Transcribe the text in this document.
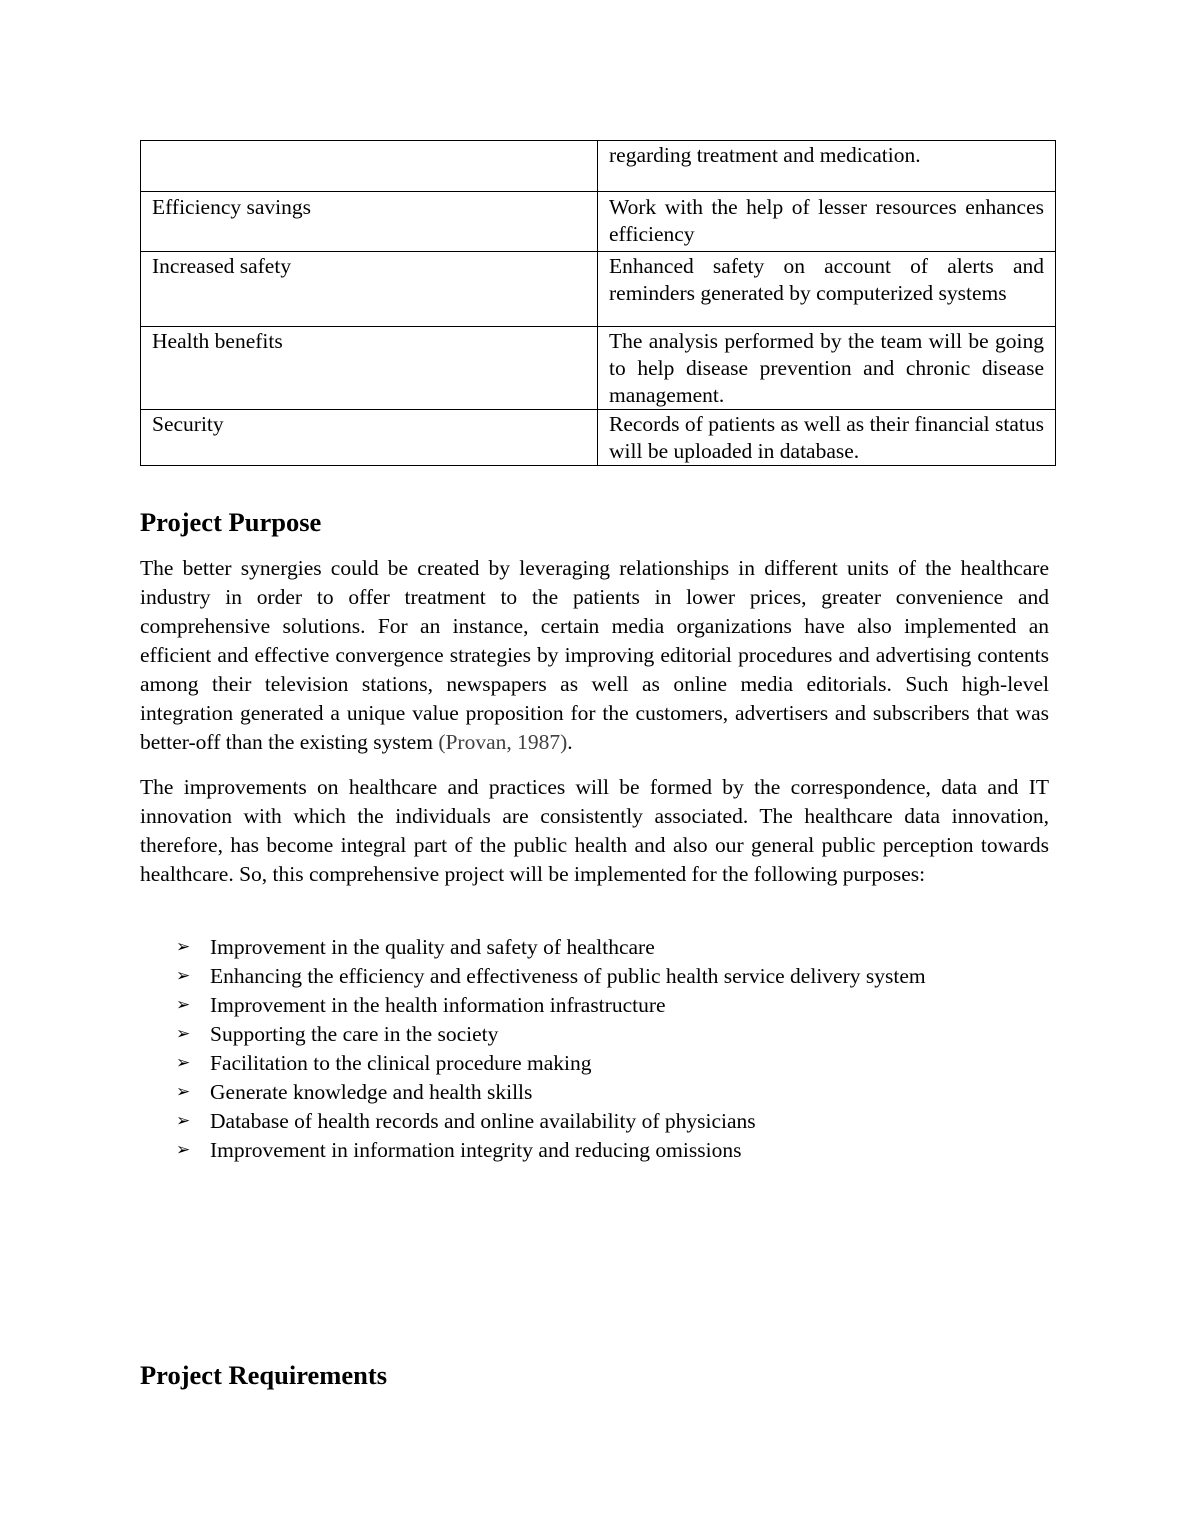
	regarding treatment and medication.
Efficiency savings	Work with the help of lesser resources enhances efficiency
Increased safety	Enhanced safety on account of alerts and reminders generated by computerized systems
Health benefits	The analysis performed by the team will be going to help disease prevention and chronic disease management.
Security	Records of patients as well as their financial status will be uploaded in database.
Project Purpose

The better synergies could be created by leveraging relationships in different units of the healthcare industry in order to offer treatment to the patients in lower prices, greater convenience and comprehensive solutions. For an instance, certain media organizations have also implemented an efficient and effective convergence strategies by improving editorial procedures and advertising contents among their television stations, newspapers as well as online media editorials. Such high-level integration generated a unique value proposition for the customers, advertisers and subscribers that was better-off than the existing system (Provan, 1987).

The improvements on healthcare and practices will be formed by the correspondence, data and IT innovation with which the individuals are consistently associated. The healthcare data innovation, therefore, has become integral part of the public health and also our general public perception towards healthcare. So, this comprehensive project will be implemented for the following purposes:

➢ Improvement in the quality and safety of healthcare
➢ Enhancing the efficiency and effectiveness of public health service delivery system
➢ Improvement in the health information infrastructure
➢ Supporting the care in the society
➢ Facilitation to the clinical procedure making
➢ Generate knowledge and health skills
➢ Database of health records and online availability of physicians
➢ Improvement in information integrity and reducing omissions
Project Requirements
